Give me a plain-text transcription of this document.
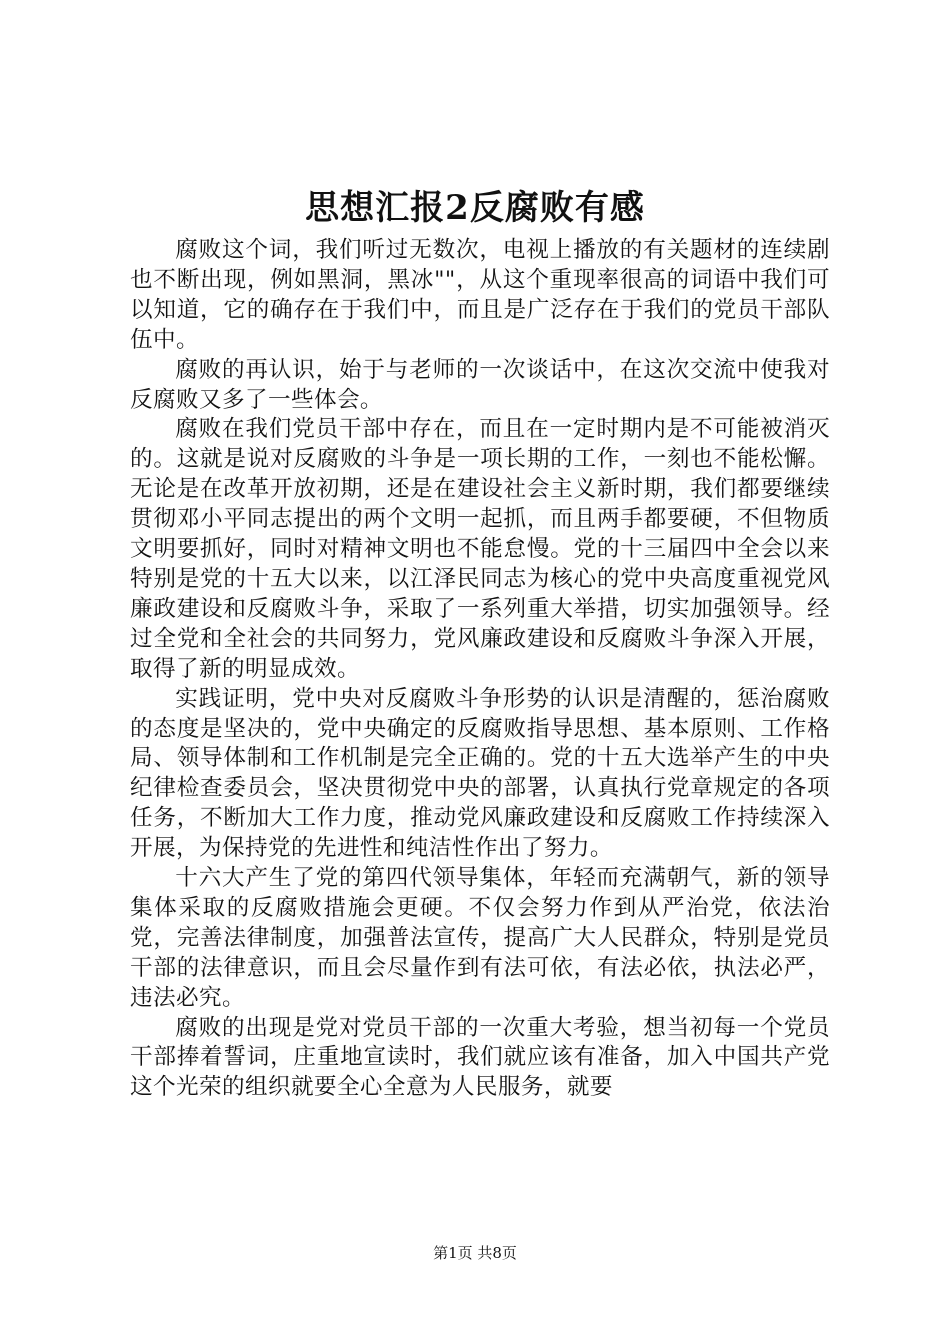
思想汇报2反腐败有感

腐败这个词，我们听过无数次，电视上播放的有关题材的连续剧也不断出现，例如黑洞，黑冰""，从这个重现率很高的词语中我们可以知道，它的确存在于我们中，而且是广泛存在于我们的党员干部队伍中。

腐败的再认识，始于与老师的一次谈话中，在这次交流中使我对反腐败又多了一些体会。

腐败在我们党员干部中存在，而且在一定时期内是不可能被消灭的。这就是说对反腐败的斗争是一项长期的工作，一刻也不能松懈。无论是在改革开放初期，还是在建设社会主义新时期，我们都要继续贯彻邓小平同志提出的两个文明一起抓，而且两手都要硬，不但物质文明要抓好，同时对精神文明也不能怠慢。党的十三届四中全会以来特别是党的十五大以来，以江泽民同志为核心的党中央高度重视党风廉政建设和反腐败斗争，采取了一系列重大举措，切实加强领导。经过全党和全社会的共同努力，党风廉政建设和反腐败斗争深入开展，取得了新的明显成效。

实践证明，党中央对反腐败斗争形势的认识是清醒的，惩治腐败的态度是坚决的，党中央确定的反腐败指导思想、基本原则、工作格局、领导体制和工作机制是完全正确的。党的十五大选举产生的中央纪律检查委员会，坚决贯彻党中央的部署，认真执行党章规定的各项任务，不断加大工作力度，推动党风廉政建设和反腐败工作持续深入开展，为保持党的先进性和纯洁性作出了努力。

十六大产生了党的第四代领导集体，年轻而充满朝气，新的领导集体采取的反腐败措施会更硬。不仅会努力作到从严治党，依法治党，完善法律制度，加强普法宣传，提高广大人民群众，特别是党员干部的法律意识，而且会尽量作到有法可依，有法必依，执法必严，违法必究。

腐败的出现是党对党员干部的一次重大考验，想当初每一个党员干部捧着誓词，庄重地宣读时，我们就应该有准备，加入中国共产党这个光荣的组织就要全心全意为人民服务，就要

第1页 共8页
